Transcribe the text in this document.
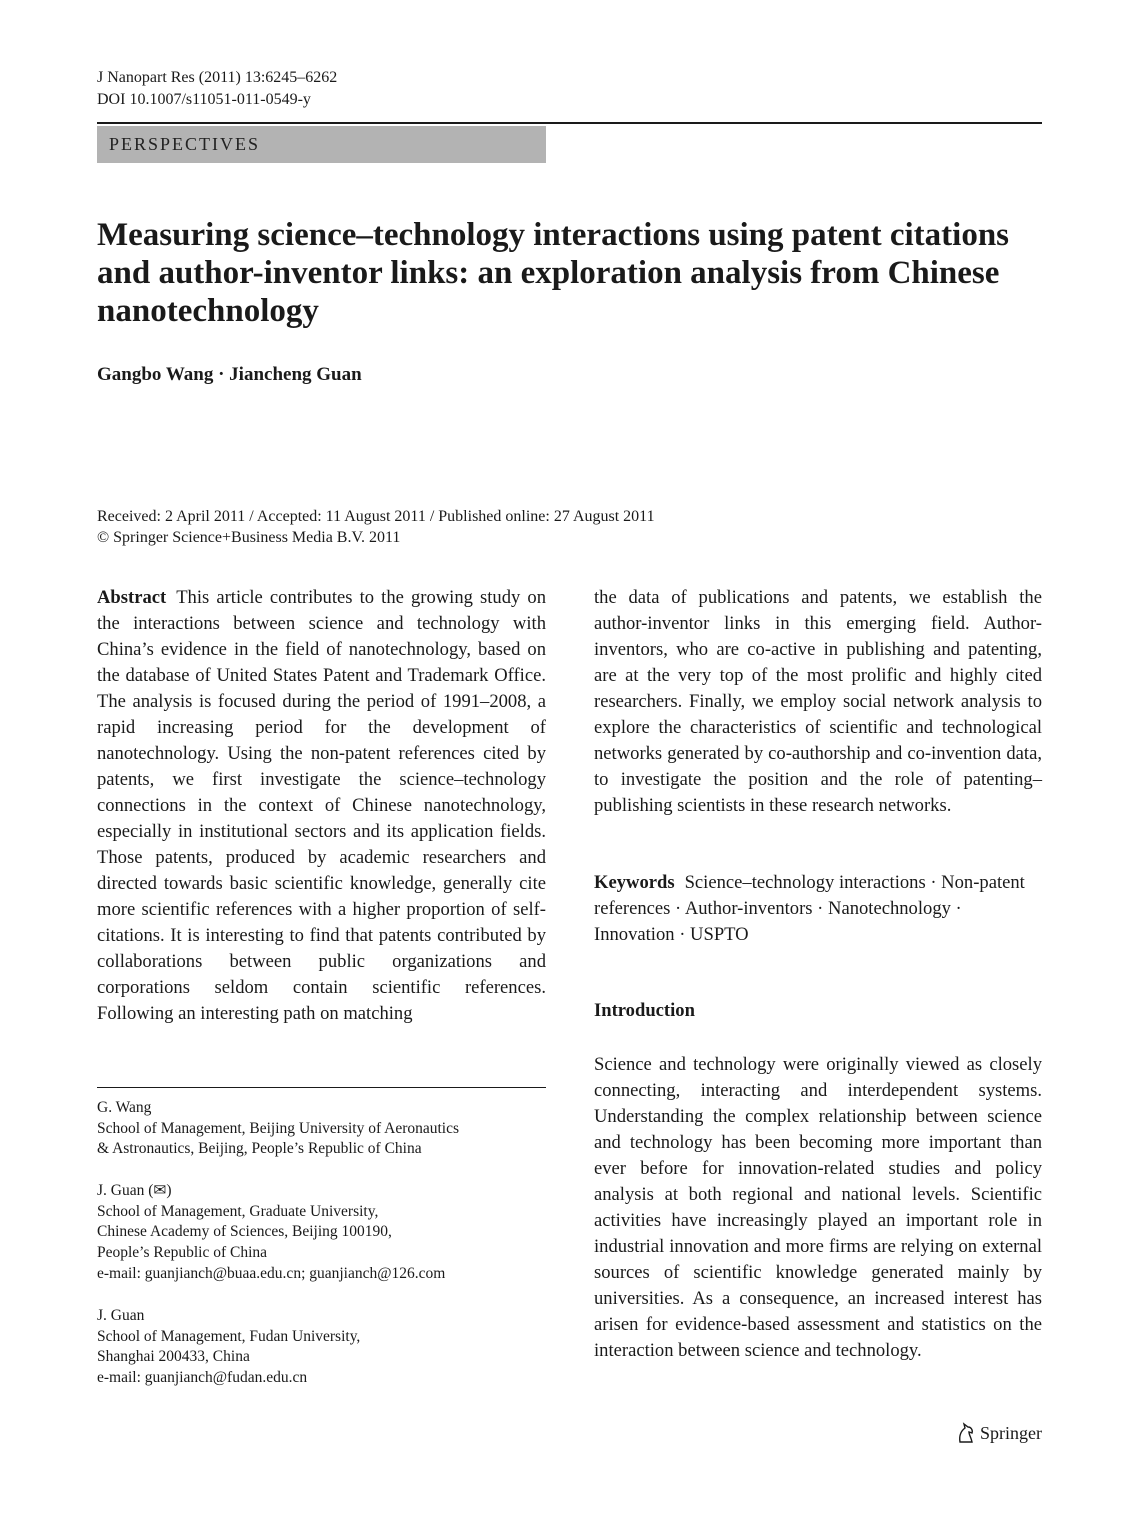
J Nanopart Res (2011) 13:6245–6262
DOI 10.1007/s11051-011-0549-y
PERSPECTIVES
Measuring science–technology interactions using patent citations and author-inventor links: an exploration analysis from Chinese nanotechnology
Gangbo Wang · Jiancheng Guan
Received: 2 April 2011 / Accepted: 11 August 2011 / Published online: 27 August 2011
© Springer Science+Business Media B.V. 2011

Abstract This article contributes to the growing study on the interactions between science and technology with China’s evidence in the field of nanotechnology, based on the database of United States Patent and Trademark Office. The analysis is focused during the period of 1991–2008, a rapid increasing period for the development of nanotechnology. Using the non-patent references cited by patents, we first investigate the science–technology connections in the context of Chinese nanotechnology, especially in institutional sectors and its application fields. Those patents, produced by academic researchers and directed towards basic scientific knowledge, generally cite more scientific references with a higher proportion of self-citations. It is interesting to find that patents contributed by collaborations between public organizations and corporations seldom contain scientific references. Following an interesting path on matching

the data of publications and patents, we establish the author-inventor links in this emerging field. Author-inventors, who are co-active in publishing and patenting, are at the very top of the most prolific and highly cited researchers. Finally, we employ social network analysis to explore the characteristics of scientific and technological networks generated by co-authorship and co-invention data, to investigate the position and the role of patenting–publishing scientists in these research networks.

Keywords Science–technology interactions · Non-patent references · Author-inventors · Nanotechnology · Innovation · USPTO
Introduction

Science and technology were originally viewed as closely connecting, interacting and interdependent systems. Understanding the complex relationship between science and technology has been becoming more important than ever before for innovation-related studies and policy analysis at both regional and national levels. Scientific activities have increasingly played an important role in industrial innovation and more firms are relying on external sources of scientific knowledge generated mainly by universities. As a consequence, an increased interest has arisen for evidence-based assessment and statistics on the interaction between science and technology.

G. Wang
School of Management, Beijing University of Aeronautics
& Astronautics, Beijing, People’s Republic of China
J. Guan (✉)
School of Management, Graduate University,
Chinese Academy of Sciences, Beijing 100190,
People’s Republic of China
e-mail: guanjianch@buaa.edu.cn; guanjianch@126.com
J. Guan
School of Management, Fudan University,
Shanghai 200433, China
e-mail: guanjianch@fudan.edu.cn
Springer
